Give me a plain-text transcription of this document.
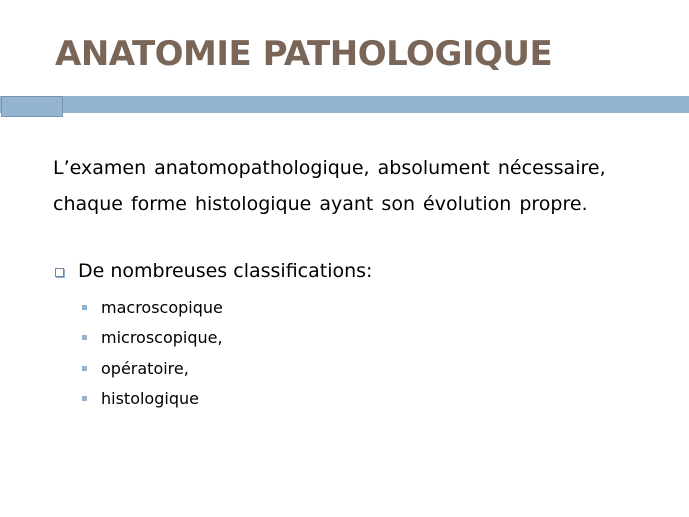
ANATOMIE PATHOLOGIQUE

L’examen anatomopathologique, absolument nécessaire,
chaque forme histologique ayant son évolution propre.

De nombreuses classifications:
macroscopique
microscopique,
opératoire,
histologique
